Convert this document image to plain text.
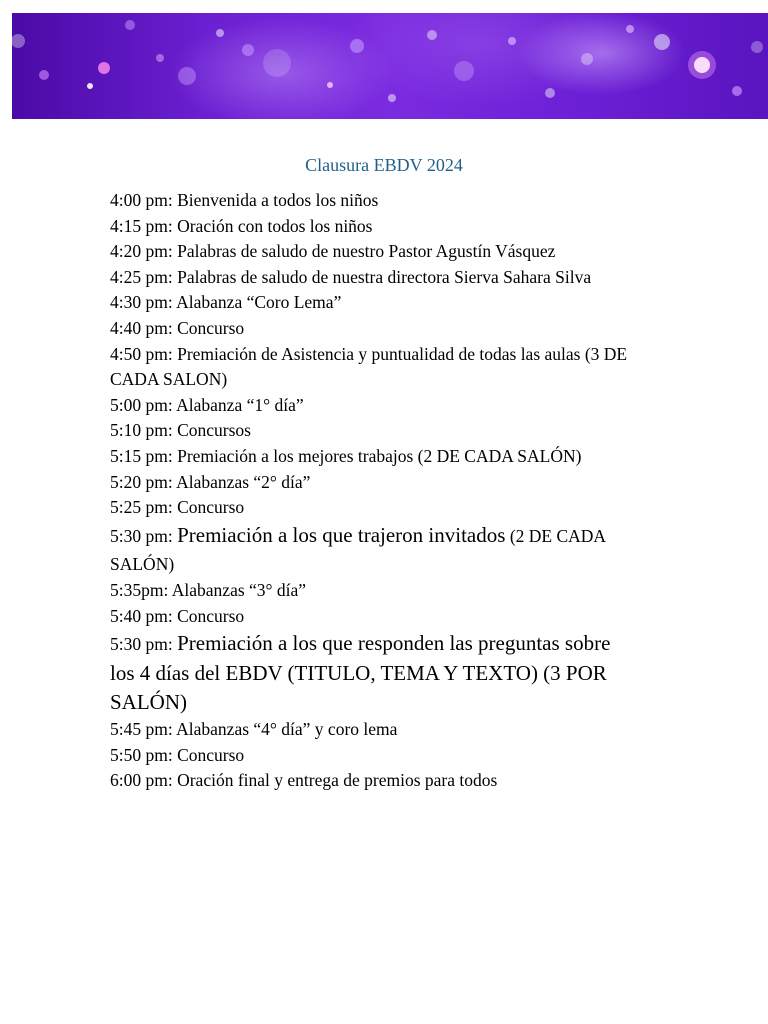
Clausura EBDV 2024
4:00 pm: Bienvenida a todos los niños
4:15 pm: Oración con todos los niños
4:20 pm: Palabras de saludo de nuestro Pastor Agustín Vásquez
4:25 pm: Palabras de saludo de nuestra directora Sierva Sahara Silva
4:30 pm: Alabanza “Coro Lema”
4:40 pm: Concurso
4:50 pm: Premiación de Asistencia y puntualidad de todas las aulas (3 DE CADA SALON)
5:00 pm: Alabanza “1° día”
5:10 pm: Concursos
5:15 pm: Premiación a los mejores trabajos (2 DE CADA SALÓN)
5:20 pm: Alabanzas “2° día”
5:25 pm: Concurso
5:30 pm: Premiación a los que trajeron invitados (2 DE CADA SALÓN)
5:35pm: Alabanzas “3° día”
5:40 pm: Concurso
5:30 pm: Premiación a los que responden las preguntas sobre los 4 días del EBDV (TITULO, TEMA Y TEXTO) (3 POR SALÓN)
5:45 pm: Alabanzas “4° día” y coro lema
5:50 pm: Concurso
6:00 pm: Oración final y entrega de premios para todos
